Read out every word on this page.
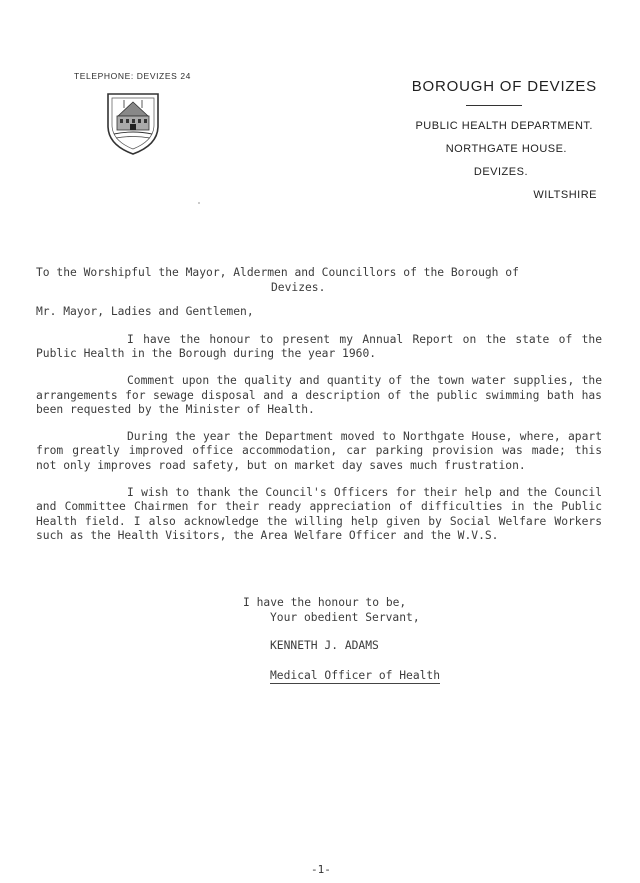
TELEPHONE: DEVIZES 24
BOROUGH OF DEVIZES
PUBLIC HEALTH DEPARTMENT.
NORTHGATE HOUSE.
DEVIZES.
WILTSHIRE

To the Worshipful the Mayor, Aldermen and Councillors of the Borough of

Devizes.

Mr. Mayor, Ladies and Gentlemen,

I have the honour to present my Annual Report on the state of the Public Health in the Borough during the year 1960.

Comment upon the quality and quantity of the town water supplies, the arrangements for sewage disposal and a description of the public swimming bath has been requested by the Minister of Health.

During the year the Department moved to Northgate House, where, apart from greatly improved office accommodation, car parking provision was made; this not only improves road safety, but on market day saves much frustration.

I wish to thank the Council's Officers for their help and the Council and Committee Chairmen for their ready appreciation of difficulties in the Public Health field. I also acknowledge the willing help given by Social Welfare Workers such as the Health Visitors, the Area Welfare Officer and the W.V.S.

I have the honour to be,
Your obedient Servant,
KENNETH J. ADAMS
Medical Officer of Health
-1-
